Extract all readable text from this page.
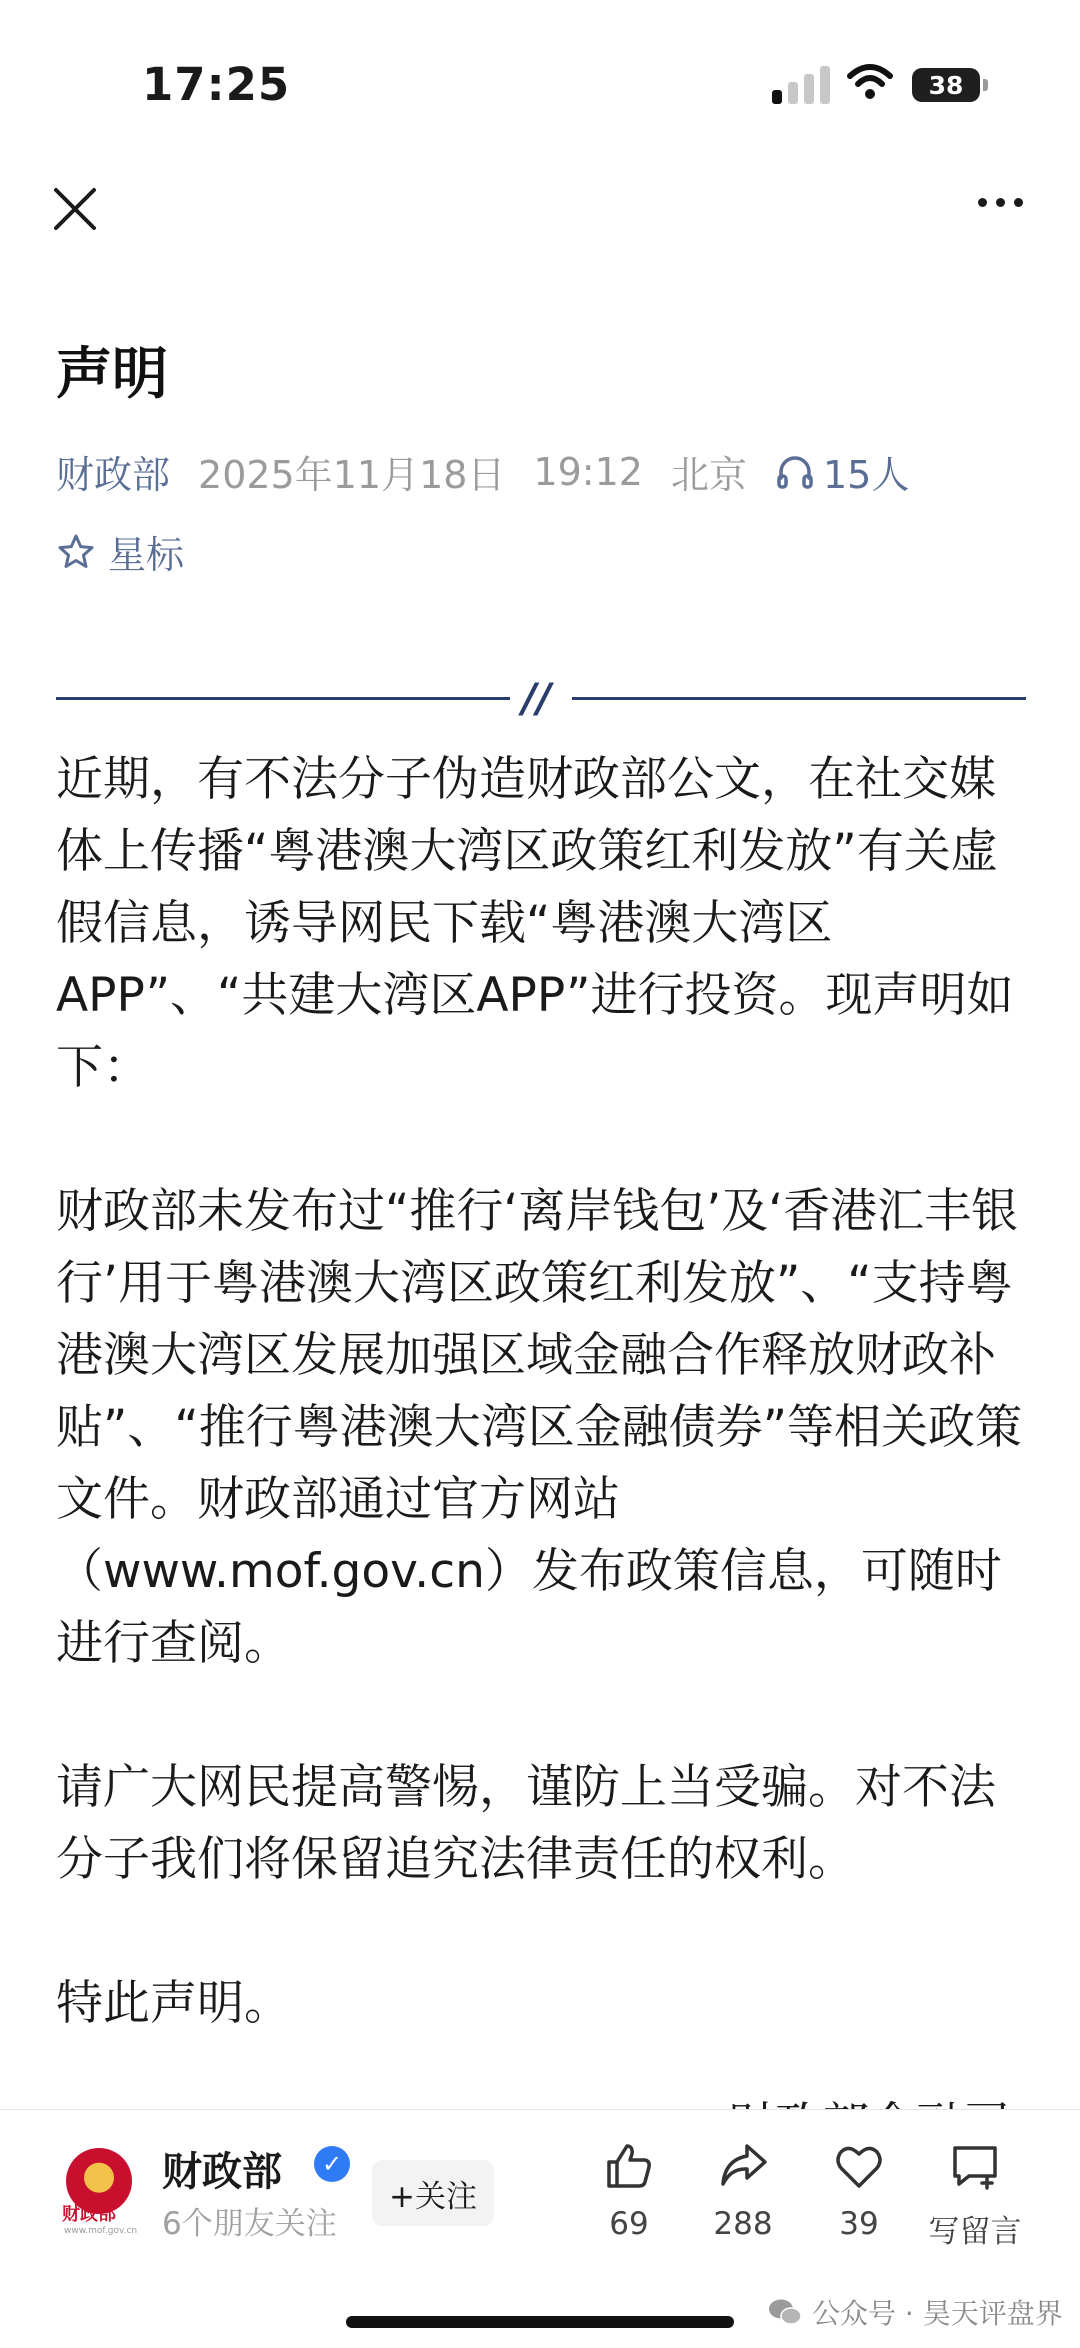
17:25	38
声明
财政部 2025年11月18日 19:12 北京 15人
星标
//

近期，有不法分子伪造财政部公文，在社交媒体上传播“粤港澳大湾区政策红利发放”有关虚假信息，诱导网民下载“粤港澳大湾区APP”、“共建大湾区APP”进行投资。现声明如下：

财政部未发布过“推行‘离岸钱包’及‘香港汇丰银行’用于粤港澳大湾区政策红利发放”、“支持粤港澳大湾区发展加强区域金融合作释放财政补贴”、“推行粤港澳大湾区金融债券”等相关政策文件。财政部通过官方网站（www.mof.gov.cn）发布政策信息，可随时进行查阅。

请广大网民提高警惕，谨防上当受骗。对不法分子我们将保留追究法律责任的权利。

特此声明。

财政部
www.mof.gov.cn
财政部	✓
6个朋友关注
+关注
69 288 39 写留言
公众号 · 昊天评盘界
